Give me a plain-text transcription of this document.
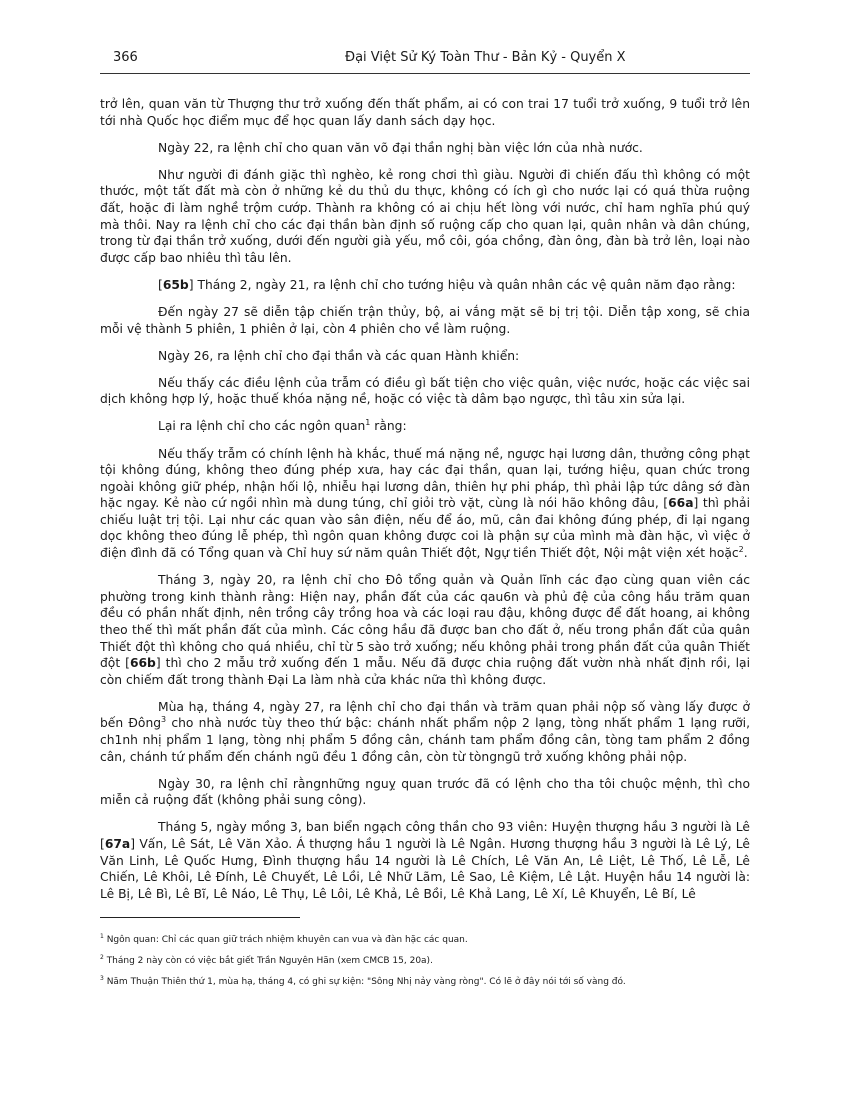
366	Đại Việt Sử Ký Toàn Thư - Bản Kỷ - Quyển X

trở lên, quan văn từ Thượng thư trở xuống đến thất phẩm, ai có con trai 17 tuổi trở xuống, 9 tuổi trở lên tới nhà Quốc học điểm mục để học quan lấy danh sách dạy học.

Ngày 22, ra lệnh chỉ cho quan văn võ đại thần nghị bàn việc lớn của nhà nước.

Như người đi đánh giặc thì nghèo, kẻ rong chơi thì giàu. Người đi chiến đấu thì không có một thước, một tất đất mà còn ở những kẻ du thủ du thực, không có ích gì cho nước lại có quá thừa ruộng đất, hoặc đi làm nghề trộm cướp. Thành ra không có ai chịu hết lòng với nước, chỉ ham nghĩa phú quý mà thôi. Nay ra lệnh chỉ cho các đại thần bàn định số ruộng cấp cho quan lại, quân nhân và dân chúng, trong từ đại thần trở xuống, dưới đến người già yếu, mồ côi, góa chồng, đàn ông, đàn bà trở lên, loại nào được cấp bao nhiêu thì tâu lên.

[65b] Tháng 2, ngày 21, ra lệnh chỉ cho tướng hiệu và quân nhân các vệ quân năm đạo rằng:

Đến ngày 27 sẽ diễn tập chiến trận thủy, bộ, ai vắng mặt sẽ bị trị tội. Diễn tập xong, sẽ chia mỗi vệ thành 5 phiên, 1 phiên ở lại, còn 4 phiên cho về làm ruộng.

Ngày 26, ra lệnh chỉ cho đại thần và các quan Hành khiển:

Nếu thấy các điều lệnh của trẫm có điều gì bất tiện cho việc quân, việc nước, hoặc các việc sai dịch không hợp lý, hoặc thuế khóa nặng nề, hoặc có việc tà dâm bạo ngược, thì tâu xin sửa lại.

Lại ra lệnh chỉ cho các ngôn quan$^1$ rằng:

Nếu thấy trẫm có chính lệnh hà khắc, thuế má nặng nề, ngược hại lương dân, thưởng công phạt tội không đúng, không theo đúng phép xưa, hay các đại thần, quan lại, tướng hiệu, quan chức trong ngoài không giữ phép, nhận hối lộ, nhiễu hại lương dân, thiên hự phi pháp, thì phải lập tức dâng sớ đàn hặc ngay. Kẻ nào cứ ngồi nhìn mà dung túng, chỉ giỏi trò vặt, cùng là nói hão không đâu, [66a] thì phải chiếu luật trị tội. Lại như các quan vào sân điện, nếu để áo, mũ, cân đai không đúng phép, đi lại ngang dọc không theo đúng lễ phép, thì ngôn quan không được coi là phận sự của mình mà đàn hặc, vì việc ở điện đình đã có Tổng quan và Chỉ huy sứ năm quân Thiết đột, Ngự tiền Thiết đột, Nội mật viện xét hoặc$^2$.

Tháng 3, ngày 20, ra lệnh chỉ cho Đô tổng quản và Quản lĩnh các đạo cùng quan viên các phường trong kinh thành rằng: Hiện nay, phần đất của các qau6n và phủ đệ của công hầu trăm quan đều có phần nhất định, nên trồng cây trồng hoa và các loại rau đậu, không được để đất hoang, ai không theo thế thì mất phần đất của mình. Các công hầu đã được ban cho đất ở, nếu trong phần đất của quân Thiết đột thì không cho quá nhiều, chỉ từ 5 sào trở xuống; nếu không phải trong phần đất của quân Thiết đột [66b] thì cho 2 mẫu trở xuống đến 1 mẫu. Nếu đã được chia ruộng đất vườn nhà nhất định rồi, lại còn chiếm đất trong thành Đại La làm nhà cửa khác nữa thì không được.

Mùa hạ, tháng 4, ngày 27, ra lệnh chỉ cho đại thần và trăm quan phải nộp số vàng lấy được ở bến Đông$^3$ cho nhà nước tùy theo thứ bậc: chánh nhất phẩm nộp 2 lạng, tòng nhất phẩm 1 lạng rưỡi, ch1nh nhị phẩm 1 lạng, tòng nhị phẩm 5 đồng cân, chánh tam phẩm đồng cân, tòng tam phẩm 2 đồng cân, chánh tứ phẩm đến chánh ngũ đều 1 đồng cân, còn từ tòngngũ trở xuống không phải nộp.

Ngày 30, ra lệnh chỉ rằngnhững nguỵ quan trước đã có lệnh cho tha tôi chuộc mệnh, thì cho miễn cả ruộng đất (không phải sung công).

Tháng 5, ngày mồng 3, ban biển ngạch công thần cho 93 viên: Huyện thượng hầu 3 người là Lê [67a] Vấn, Lê Sát, Lê Văn Xảo. Á thượng hầu 1 người là Lê Ngân. Hương thượng hầu 3 người là Lê Lý, Lê Văn Linh, Lê Quốc Hưng, Đình thượng hầu 14 người là Lê Chích, Lê Văn An, Lê Liệt, Lê Thố, Lê Lễ, Lê Chiến, Lê Khôi, Lê Đính, Lê Chuyết, Lê Lồi, Lê Nhữ Lãm, Lê Sao, Lê Kiệm, Lê Lật. Huyện hầu 14 người là: Lê Bị, Lê Bì, Lê Bĩ, Lê Náo, Lê Thụ, Lê Lôi, Lê Khả, Lê Bồi, Lê Khả Lang, Lê Xí, Lê Khuyển, Lê Bí, Lê

$^1$ Ngôn quan: Chỉ các quan giữ trách nhiệm khuyên can vua và đàn hặc các quan.
$^2$ Tháng 2 này còn có việc bắt giết Trần Nguyên Hãn (xem CMCB 15, 20a).
$^3$ Năm Thuận Thiên thứ 1, mùa hạ, tháng 4, có ghi sự kiện: "Sông Nhị nảy vàng ròng". Có lẽ ở đây nói tới số vàng đó.
